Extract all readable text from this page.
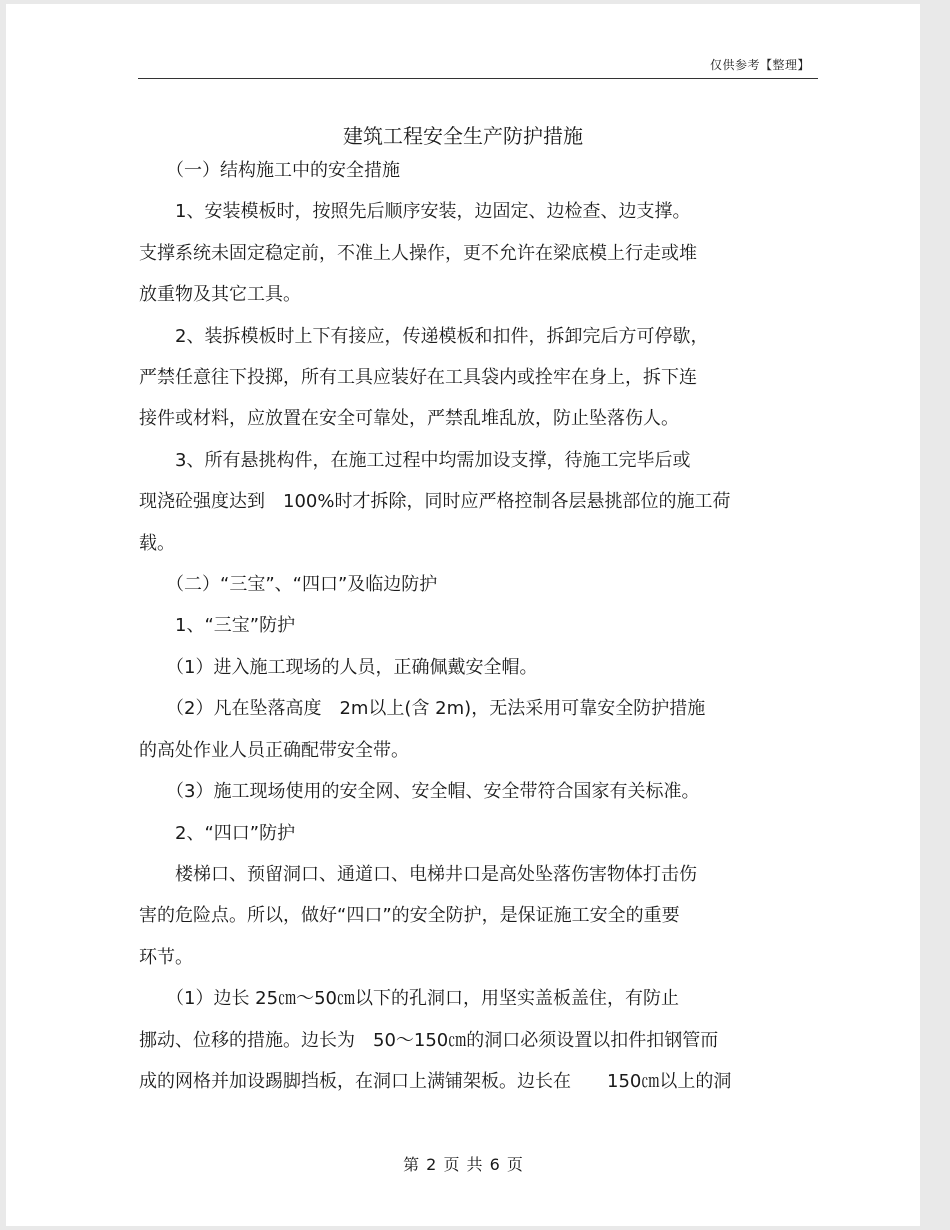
仅供参考【整理】
建筑工程安全生产防护措施

　　（一）结构施工中的安全措施

　　1、安装模板时，按照先后顺序安装，边固定、边检查、边支撑。

支撑系统未固定稳定前，不准上人操作，更不允许在梁底模上行走或堆

放重物及其它工具。

　　2、装拆模板时上下有接应，传递模板和扣件，拆卸完后方可停歇，

严禁任意往下投掷，所有工具应装好在工具袋内或拴牢在身上，拆下连

接件或材料，应放置在安全可靠处，严禁乱堆乱放，防止坠落伤人。

　　3、所有悬挑构件，在施工过程中均需加设支撑，待施工完毕后或

现浇砼强度达到　100%时才拆除，同时应严格控制各层悬挑部位的施工荷

载。

　　（二）“三宝”、“四口”及临边防护

　　1、“三宝”防护

　　（1）进入施工现场的人员，正确佩戴安全帽。

　　（2）凡在坠落高度　2m以上(含 2m)，无法采用可靠安全防护措施

的高处作业人员正确配带安全带。

　　（3）施工现场使用的安全网、安全帽、安全带符合国家有关标准。

　　2、“四口”防护

　　楼梯口、预留洞口、通道口、电梯井口是高处坠落伤害物体打击伤

害的危险点。所以，做好“四口”的安全防护，是保证施工安全的重要

环节。

　　（1）边长 25㎝～50㎝以下的孔洞口，用坚实盖板盖住，有防止

挪动、位移的措施。边长为　50～150㎝的洞口必须设置以扣件扣钢管而

成的网格并加设踢脚挡板，在洞口上满铺架板。边长在　　150㎝以上的洞

第 2 页 共 6 页
